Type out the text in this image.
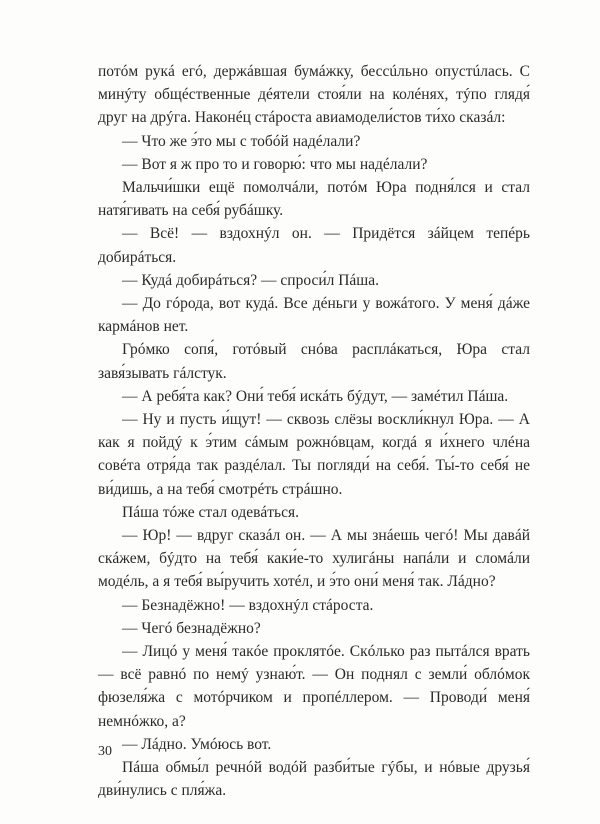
потóм рукá егó, держáвшая бумáжку, бессúльно опустúлась. С минýту общéственные дéятели стоя́ли на колéнях, тýпо глядя́ друг на дрýга. Наконéц стáроста авиамодели́стов ти́хо сказáл:

— Что же э́то мы с тобóй надéлали?

— Вот я ж про то и говорю́: что мы надéлали?

Мальчи́шки ещё помолчáли, потóм Юра подня́лся и стал натя́гивать на себя́ рубáшку.

— Всё! — вздохнýл он. — Придётся зáйцем тепéрь добирáться.

— Кудá добирáться? — спроси́л Пáша.

— До гóрода, вот кудá. Все дéньги у вожáтого. У меня́ дáже кармáнов нет.

Грóмко сопя́, готóвый снóва расплáкаться, Юра стал завя́зывать гáлстук.

— А ребя́та как? Они́ тебя́ искáть бýдут, — замéтил Пáша.

— Ну и пусть и́щут! — сквозь слёзы воскли́кнул Юра. — А как я пойдý к э́тим сáмым рожнóвцам, когдá я и́хнего члéна совéта отря́да так раздéлал. Ты погляди́ на себя́. Ты́-то себя́ не ви́дишь, а на тебя́ смотрéть стрáшно.

Пáша тóже стал одевáться.

— Юр! — вдруг сказáл он. — А мы знáешь чегó! Мы давáй скáжем, бýдто на тебя́ каки́е-то хулигáны напáли и сломáли модéль, а я тебя́ вы́ручить хотéл, и э́то они́ меня́ так. Лáдно?

— Безнадёжно! — вздохнýл стáроста.

— Чегó безнадёжно?

— Лицó у меня́ такóе проклятóе. Скóлько раз пытáлся врать — всё равнó по немý узнаю́т. — Он поднял с земли́ облóмок фюзеля́жа с мотóрчиком и пропéллером. — Проводи́ меня́ немнóжко, а?

— Лáдно. Умóюсь вот.

Пáша обмы́л речнóй водóй разби́тые гýбы, и нóвые друзья́ дви́нулись с пля́жа.

30
